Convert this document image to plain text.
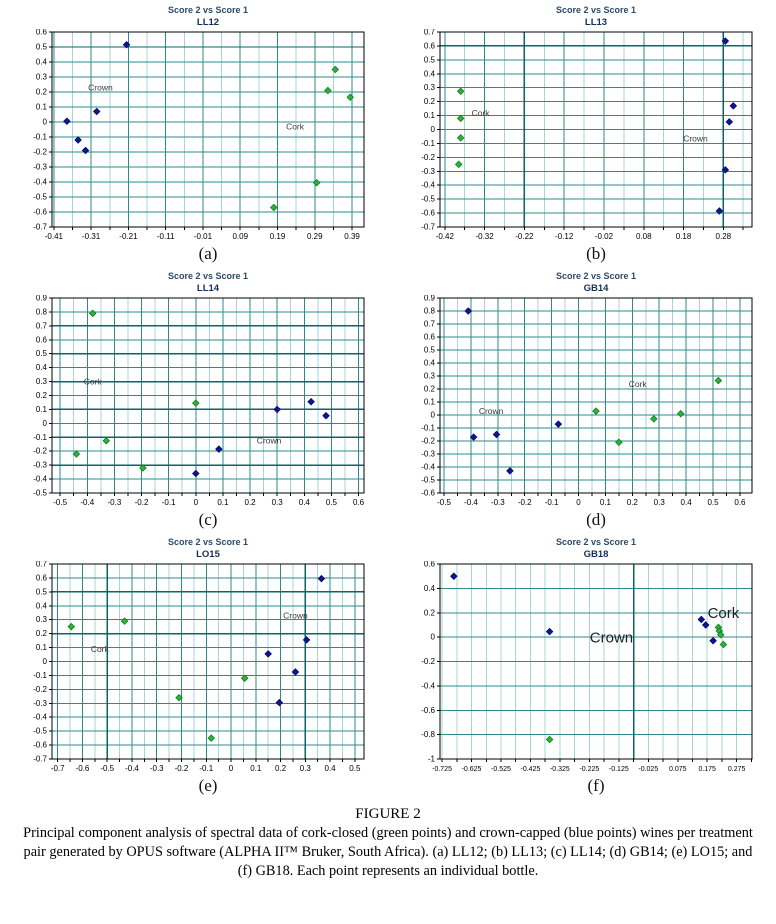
Score 2 vs Score 1
LL12
-0.41 -0.31 -0.21 -0.11 -0.01	0.09	0.19	0.29	0.39
0.6
0.5
0.4
0.3
0.2
0.1
0
-0.1
-0.2
-0.3
-0.4
-0.5
-0.6
-0.7
Crown
Cork
(a)
Score 2 vs Score 1
LL13
-0.42	-0.32	-0.22	-0.12	-0.02	0.08	0.18	0.28
0.7
0.6
0.5
0.4
0.3
0.2
0.1
0
-0.1
-0.2
-0.3
-0.4
-0.5
-0.6
-0.7
Cork
Crown
(b)
Score 2 vs Score 1
LL14
-0.5 -0.4 -0.3 -0.2 -0.1 0 0.1 0.2 0.3 0.4 0.5 0.6
0.9
0.8
0.7
0.6
0.5
0.4
0.3
0.2
0.1
0
-0.1
-0.2
-0.3
-0.4
-0.5
Cork
Crown
(c)
Score 2 vs Score 1
GB14
-0.5 -0.4 -0.3 -0.2 -0.1 0 0.1 0.2 0.3 0.4 0.5 0.6
0.9
0.8
0.7
0.6
0.5
0.4
0.3
0.2
0.1
0
-0.1
-0.2
-0.3
-0.4
-0.5
-0.6
Crown
Cork
(d)
Score 2 vs Score 1
LO15
-0.7 -0.6 -0.5 -0.4 -0.3 -0.2 -0.1 0 0.1 0.2 0.3 0.4 0.5
0.7
0.6
0.5
0.4
0.3
0.2
0.1
0
-0.1
-0.2
-0.3
-0.4
-0.5
-0.6
-0.7
Cork
Crown
(e)
Score 2 vs Score 1
GB18
-0.725 -0.625 -0.525 -0.425 -0.325 -0.225 -0.125 -0.025 0.075 0.175 0.275
0.6
0.4
0.2
0
-0.2
-0.4
-0.6
-0.8
-1
Crown
Cork
(f)
FIGURE 2
Principal component analysis of spectral data of cork-closed (green points) and crown-capped (blue points) wines per treatment
pair generated by OPUS software (ALPHA II™ Bruker, South Africa). (a) LL12; (b) LL13; (c) LL14; (d) GB14; (e) LO15; and
(f) GB18. Each point represents an individual bottle.
